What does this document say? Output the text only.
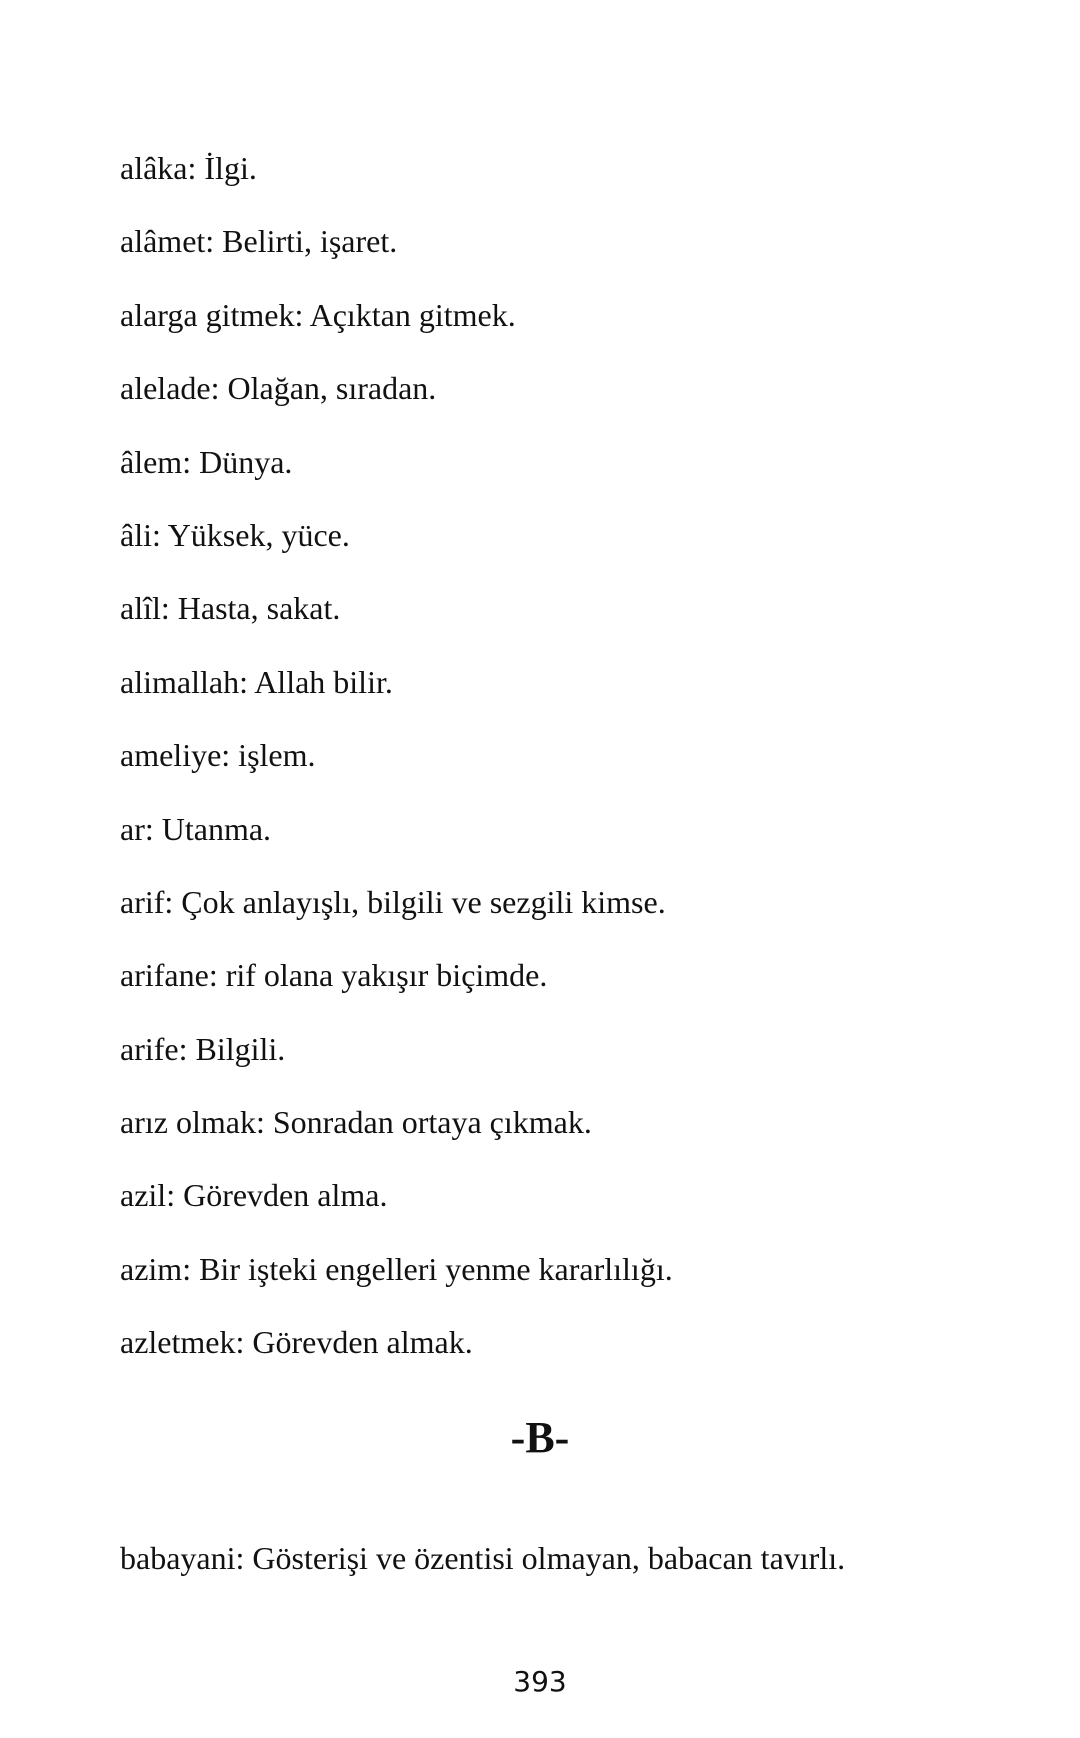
alâka: İlgi.
alâmet: Belirti, işaret.
alarga gitmek: Açıktan gitmek.
alelade: Olağan, sıradan.
âlem: Dünya.
âli: Yüksek, yüce.
alîl: Hasta, sakat.
alimallah: Allah bilir.
ameliye: işlem.
ar: Utanma.
arif: Çok anlayışlı, bilgili ve sezgili kimse.
arifane: rif olana yakışır biçimde.
arife: Bilgili.
arız olmak: Sonradan ortaya çıkmak.
azil: Görevden alma.
azim: Bir işteki engelleri yenme kararlılığı.
azletmek: Görevden almak.
-B-
babayani: Gösterişi ve özentisi olmayan, babacan tavırlı.
393
